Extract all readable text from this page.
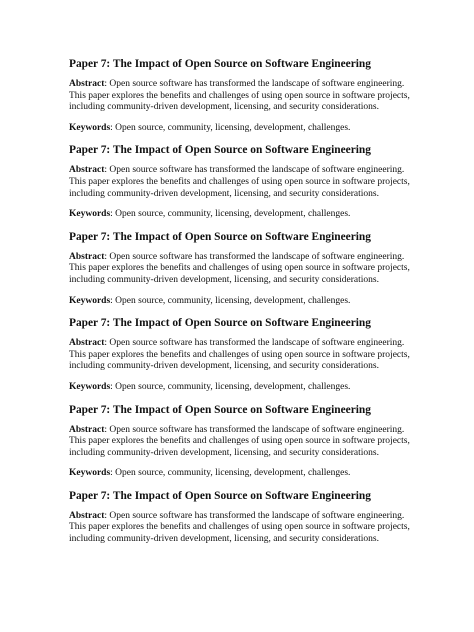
Paper 7: The Impact of Open Source on Software Engineering

Abstract: Open source software has transformed the landscape of software engineering. This paper explores the benefits and challenges of using open source in software projects, including community-driven development, licensing, and security considerations.

Keywords: Open source, community, licensing, development, challenges.

Paper 7: The Impact of Open Source on Software Engineering

Abstract: Open source software has transformed the landscape of software engineering. This paper explores the benefits and challenges of using open source in software projects, including community-driven development, licensing, and security considerations.

Keywords: Open source, community, licensing, development, challenges.

Paper 7: The Impact of Open Source on Software Engineering

Abstract: Open source software has transformed the landscape of software engineering. This paper explores the benefits and challenges of using open source in software projects, including community-driven development, licensing, and security considerations.

Keywords: Open source, community, licensing, development, challenges.

Paper 7: The Impact of Open Source on Software Engineering

Abstract: Open source software has transformed the landscape of software engineering. This paper explores the benefits and challenges of using open source in software projects, including community-driven development, licensing, and security considerations.

Keywords: Open source, community, licensing, development, challenges.

Paper 7: The Impact of Open Source on Software Engineering

Abstract: Open source software has transformed the landscape of software engineering. This paper explores the benefits and challenges of using open source in software projects, including community-driven development, licensing, and security considerations.

Keywords: Open source, community, licensing, development, challenges.

Paper 7: The Impact of Open Source on Software Engineering

Abstract: Open source software has transformed the landscape of software engineering. This paper explores the benefits and challenges of using open source in software projects, including community-driven development, licensing, and security considerations.
